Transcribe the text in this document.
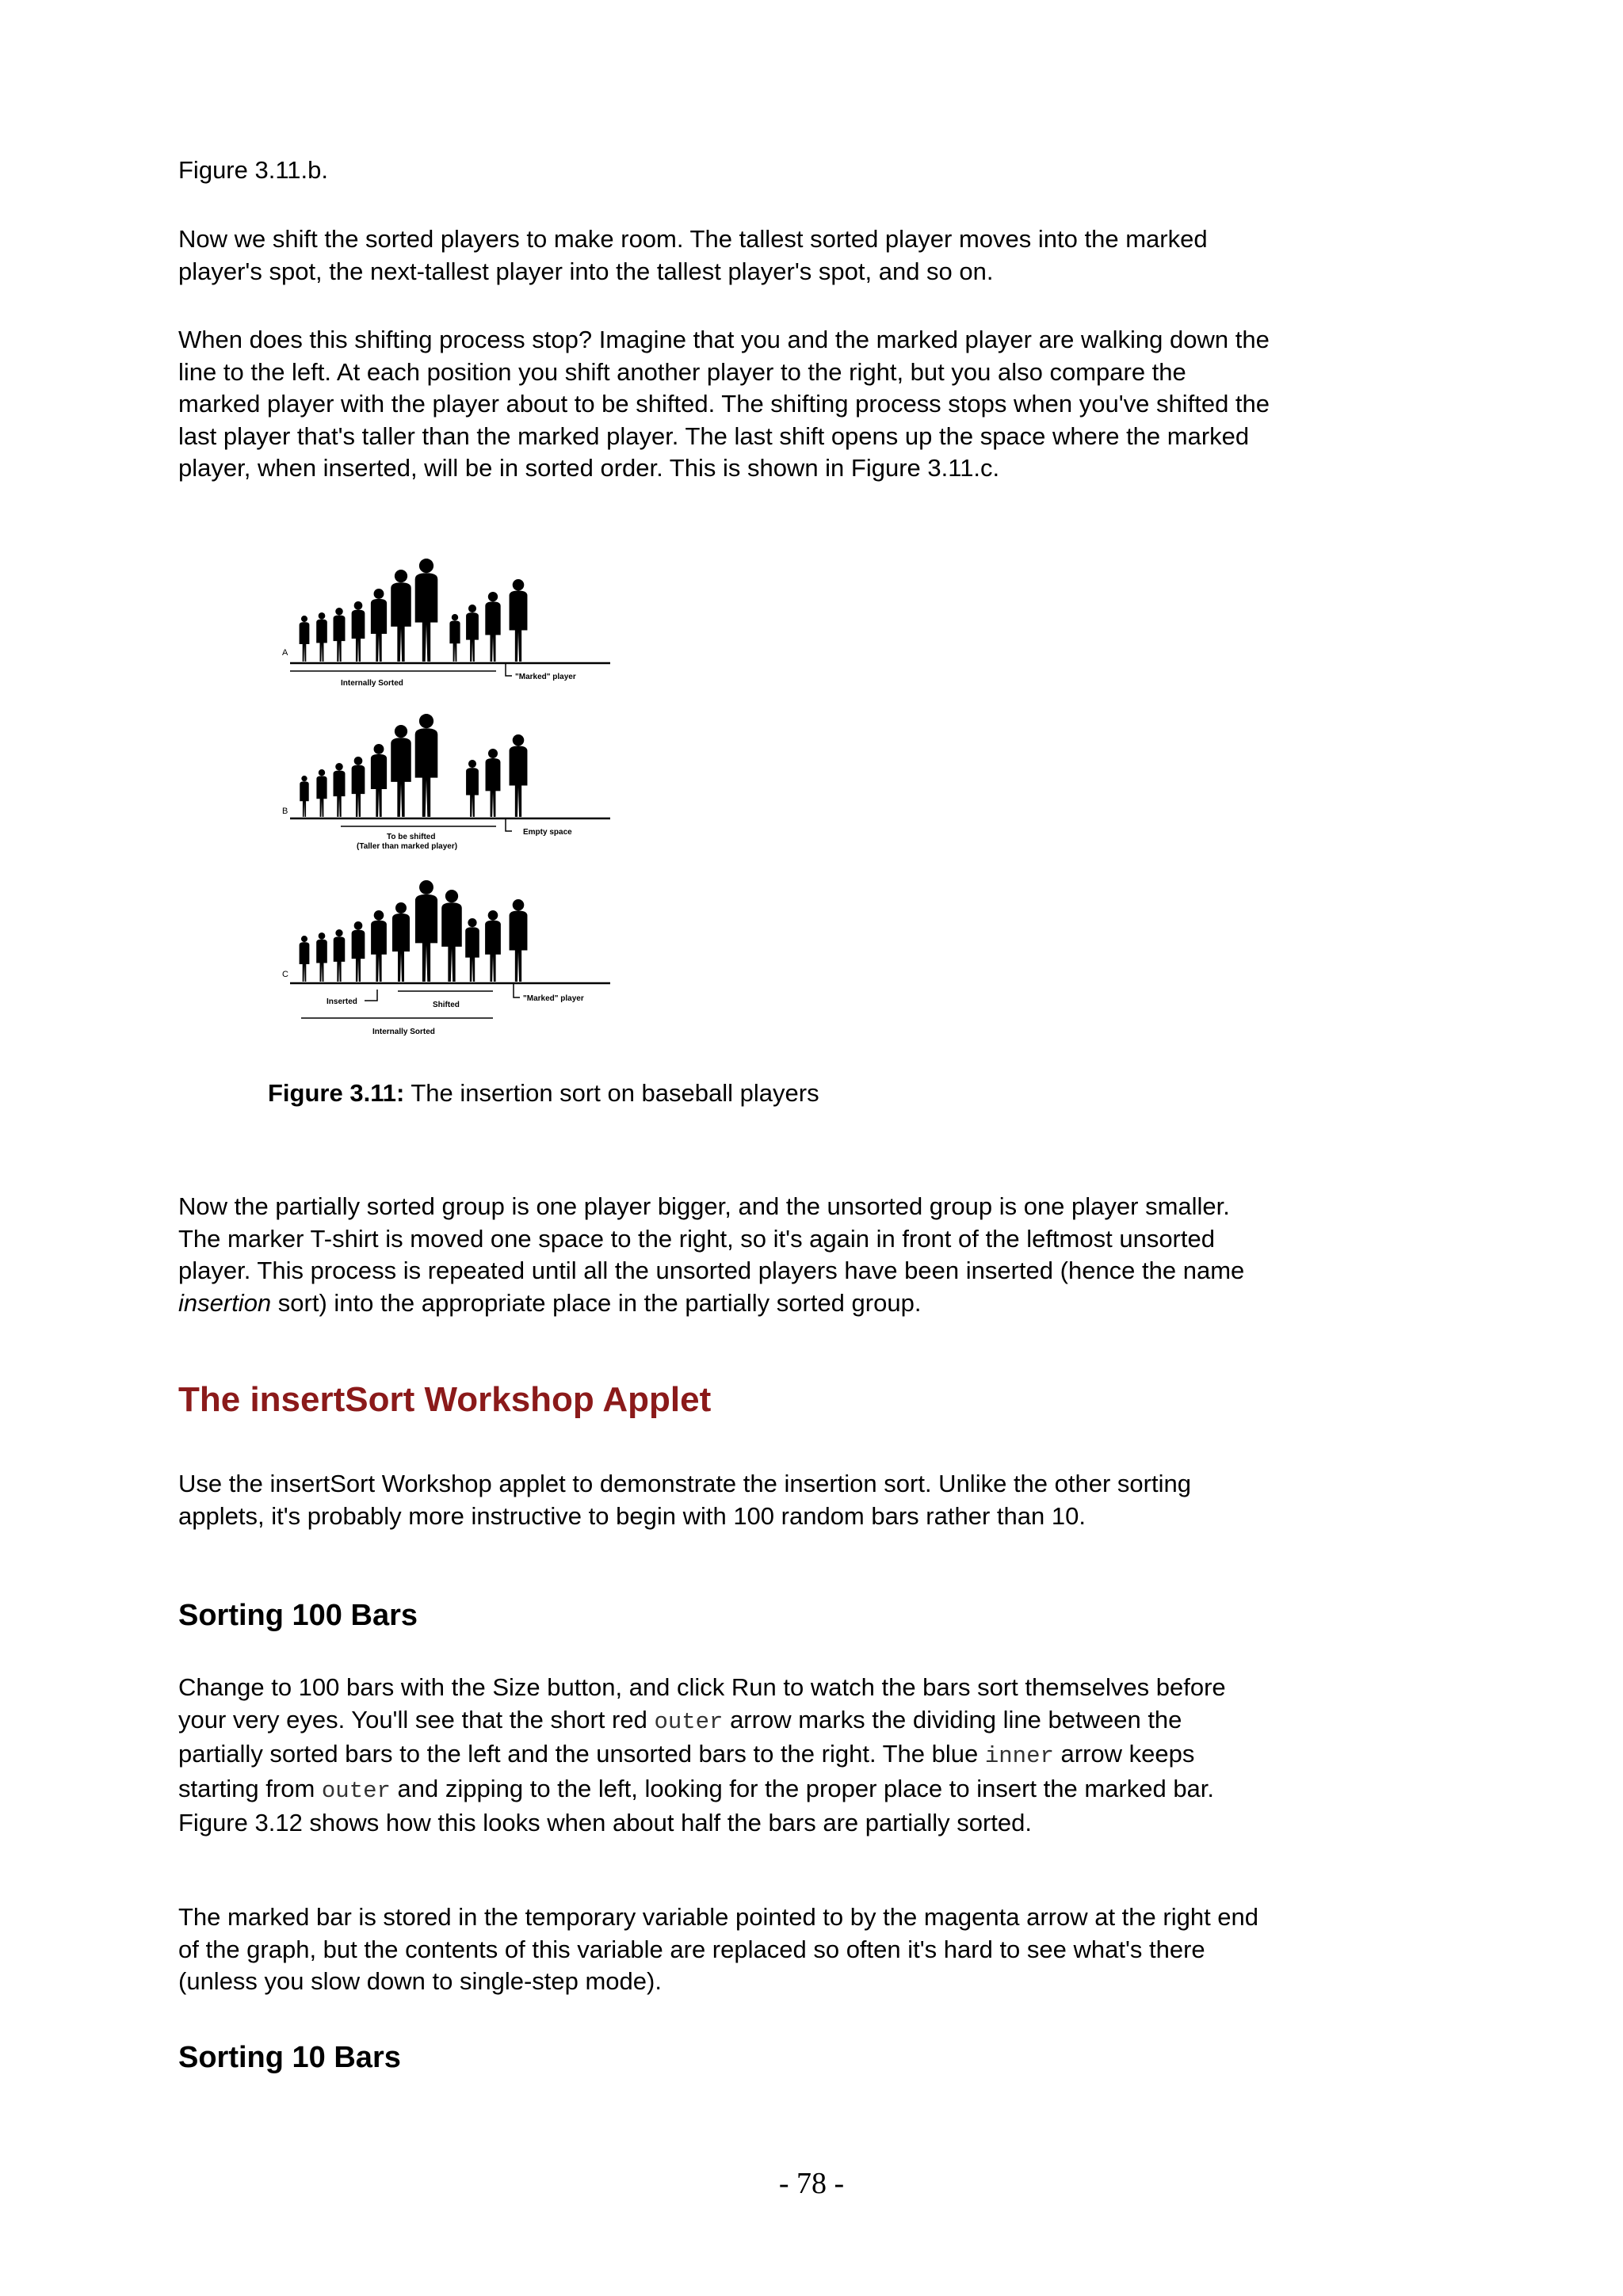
Figure 3.11.b.

Now we shift the sorted players to make room. The tallest sorted player moves into the marked player's spot, the next-tallest player into the tallest player's spot, and so on.

When does this shifting process stop? Imagine that you and the marked player are walking down the line to the left. At each position you shift another player to the right, but you also compare the marked player with the player about to be shifted. The shifting process stops when you've shifted the last player that's taller than the marked player. The last shift opens up the space where the marked player, when inserted, will be in sorted order. This is shown in Figure 3.11.c.

A
Internally Sorted
"Marked" player
B
To be shifted
(Taller than marked player)
Empty space
C
Inserted	Shifted
"Marked" player
Internally Sorted

Figure 3.11: The insertion sort on baseball players

Now the partially sorted group is one player bigger, and the unsorted group is one player smaller. The marker T-shirt is moved one space to the right, so it's again in front of the leftmost unsorted player. This process is repeated until all the unsorted players have been inserted (hence the name insertion sort) into the appropriate place in the partially sorted group.

The insertSort Workshop Applet

Use the insertSort Workshop applet to demonstrate the insertion sort. Unlike the other sorting applets, it's probably more instructive to begin with 100 random bars rather than 10.

Sorting 100 Bars

Change to 100 bars with the Size button, and click Run to watch the bars sort themselves before your very eyes. You'll see that the short red outer arrow marks the dividing line between the partially sorted bars to the left and the unsorted bars to the right. The blue inner arrow keeps starting from outer and zipping to the left, looking for the proper place to insert the marked bar. Figure 3.12 shows how this looks when about half the bars are partially sorted.

The marked bar is stored in the temporary variable pointed to by the magenta arrow at the right end of the graph, but the contents of this variable are replaced so often it's hard to see what's there (unless you slow down to single-step mode).

Sorting 10 Bars
- 78 -
